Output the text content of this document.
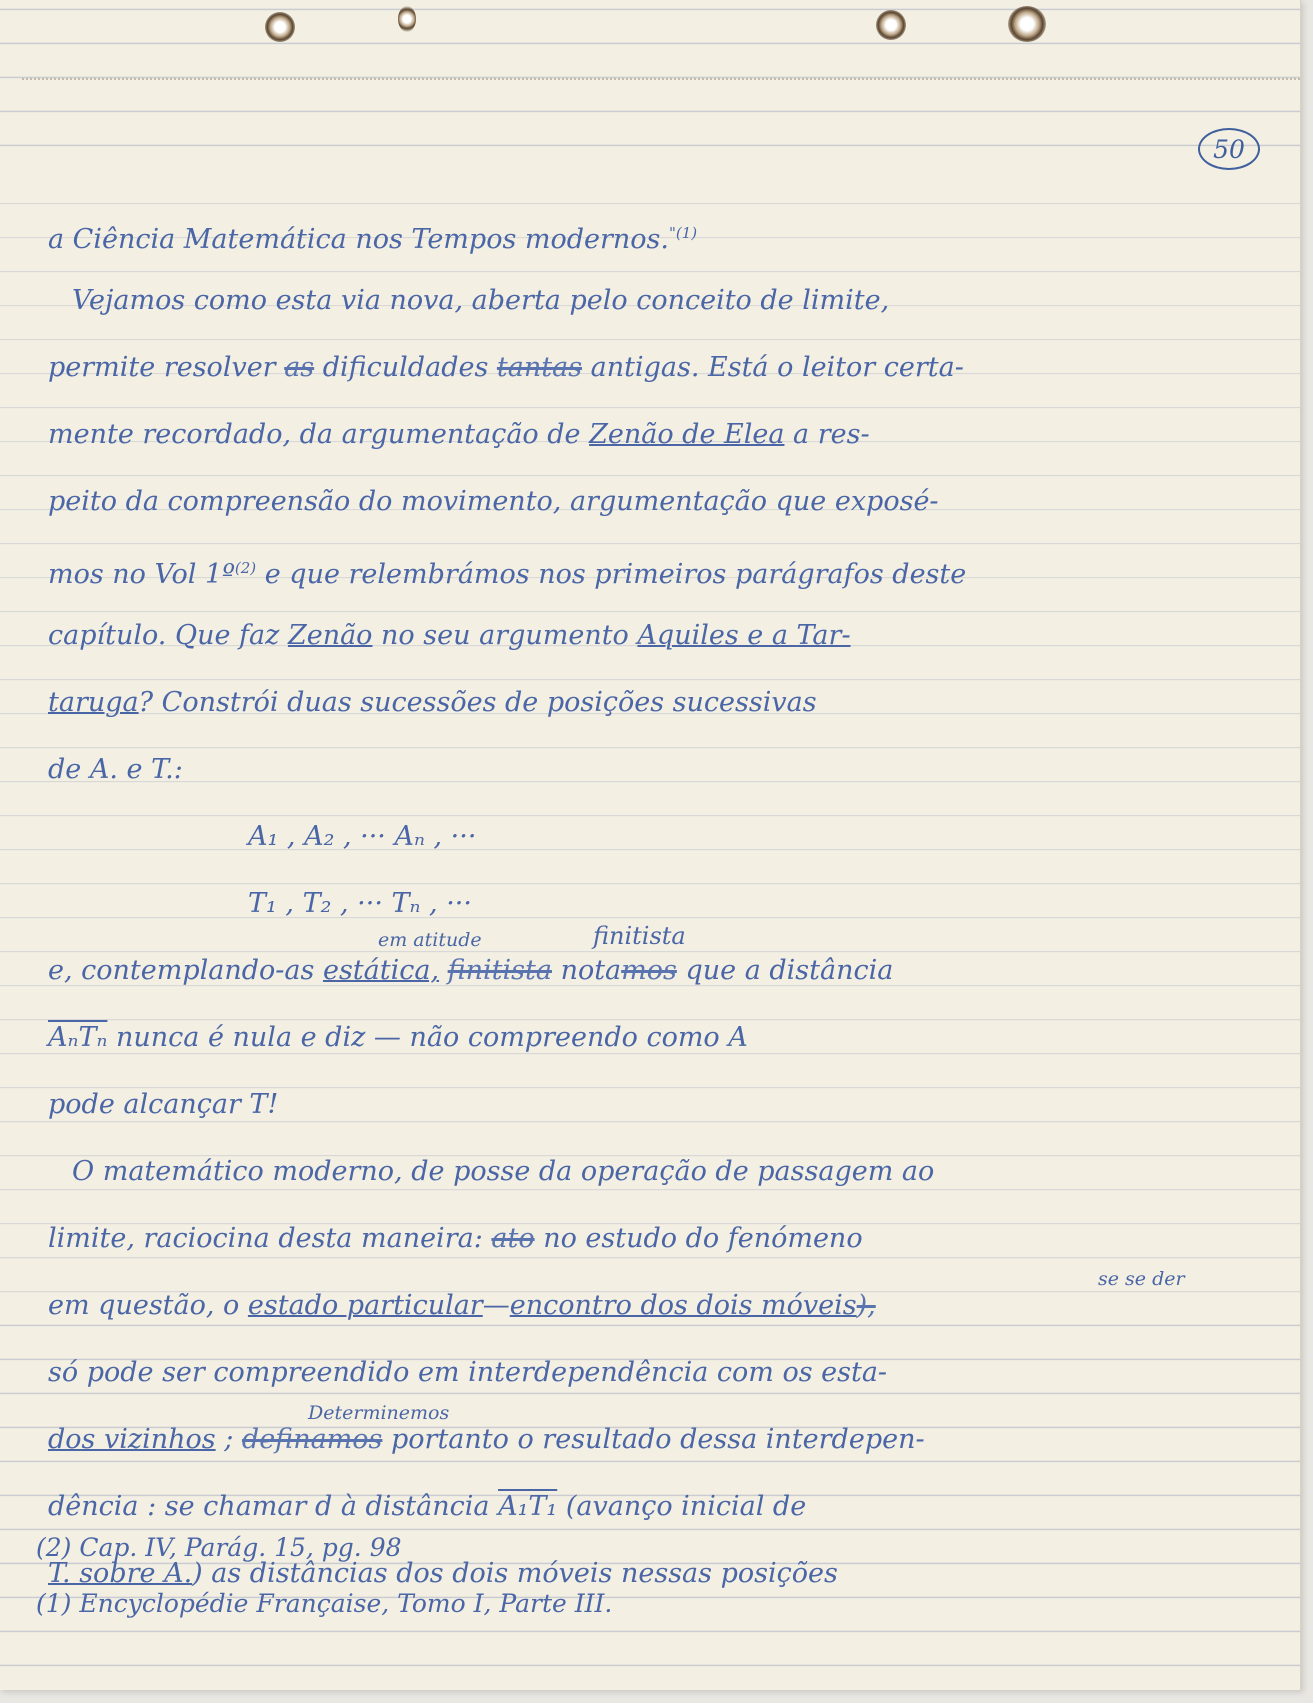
50
a Ciência Matemática nos Tempos modernos.$^{"(1)}$
Vejamos como esta via nova, aberta pelo conceito de limite,
permite resolver as dificuldades tantas antigas. Está o leitor certa-
mente recordado, da argumentação de Zenão de Elea a res-
peito da compreensão do movimento, argumentação que exposé-
mos no Vol 1º$^{(2)}$ e que relembrámos nos primeiros parágrafos deste
capítulo. Que faz Zenão no seu argumento Aquiles e a Tar-
taruga? Constrói duas sucessões de posições sucessivas
de A. e T.:
A₁ , A₂ , ··· Aₙ , ···
T₁ , T₂ , ··· Tₙ , ···
em atitude	finitista
e, contemplando-as estática, finitista notamos que a distância
AₙTₙ nunca é nula e diz — não compreendo como A
pode alcançar T!
O matemático moderno, de posse da operação de passagem ao
limite, raciocina desta maneira: ato no estudo do fenómeno
se se der
em questão, o estado particular—encontro dos dois móveis),
só pode ser compreendido em interdependência com os esta-
Determinemos
dos vizinhos ; definamos portanto o resultado dessa interdepen-
dência : se chamar d à distância A₁T₁ (avanço inicial de
T. sobre A.) as distâncias dos dois móveis nessas posições
(2) Cap. IV, Parág. 15, pg. 98
(1) Encyclopédie Française, Tomo I, Parte III.
